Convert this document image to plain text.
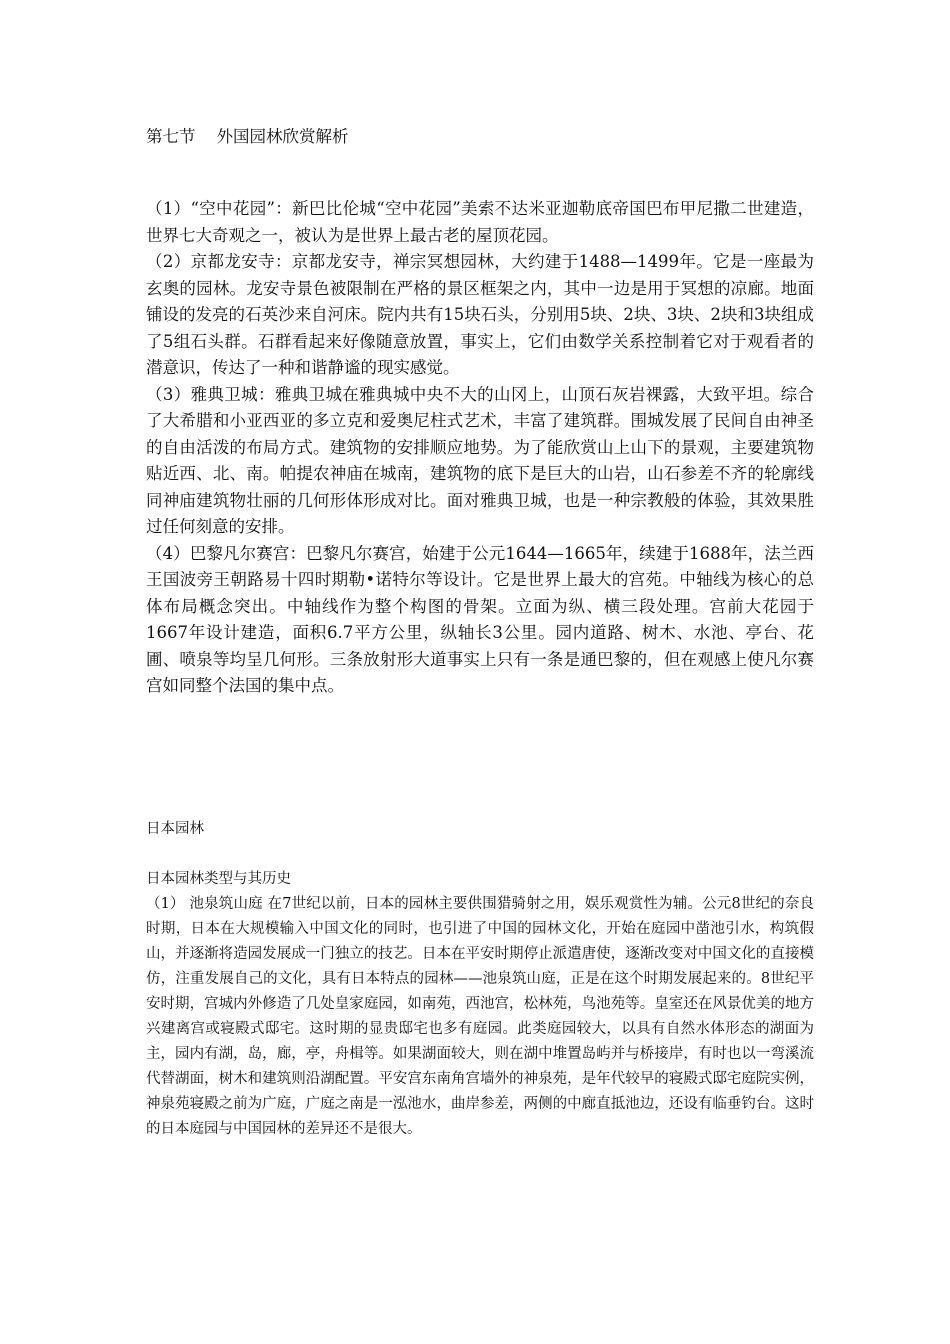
第七节    外国园林欣赏解析

（1）“空中花园”：新巴比伦城“空中花园”美索不达米亚迦勒底帝国巴布甲尼撒二世建造，世界七大奇观之一，被认为是世界上最古老的屋顶花园。

（2）京都龙安寺：京都龙安寺，禅宗冥想园林，大约建于1488—1499年。它是一座最为玄奥的园林。龙安寺景色被限制在严格的景区框架之内，其中一边是用于冥想的凉廊。地面铺设的发亮的石英沙来自河床。院内共有15块石头，分别用5块、2块、3块、2块和3块组成了5组石头群。石群看起来好像随意放置，事实上，它们由数学关系控制着它对于观看者的潜意识，传达了一种和谐静谧的现实感觉。

（3）雅典卫城：雅典卫城在雅典城中央不大的山冈上，山顶石灰岩裸露，大致平坦。综合了大希腊和小亚西亚的多立克和爱奥尼柱式艺术，丰富了建筑群。围城发展了民间自由神圣的自由活泼的布局方式。建筑物的安排顺应地势。为了能欣赏山上山下的景观，主要建筑物贴近西、北、南。帕提农神庙在城南，建筑物的底下是巨大的山岩，山石参差不齐的轮廓线同神庙建筑物壮丽的几何形体形成对比。面对雅典卫城，也是一种宗教般的体验，其效果胜过任何刻意的安排。

（4）巴黎凡尔赛宫：巴黎凡尔赛宫，始建于公元1644—1665年，续建于1688年，法兰西王国波旁王朝路易十四时期勒•诺特尔等设计。它是世界上最大的宫苑。中轴线为核心的总体布局概念突出。中轴线作为整个构图的骨架。立面为纵、横三段处理。宫前大花园于1667年设计建造，面积6.7平方公里，纵轴长3公里。园内道路、树木、水池、亭台、花圃、喷泉等均呈几何形。三条放射形大道事实上只有一条是通巴黎的，但在观感上使凡尔赛宫如同整个法国的集中点。

日本园林
日本园林类型与其历史

（1） 池泉筑山庭 在7世纪以前，日本的园林主要供围猎骑射之用，娱乐观赏性为辅。公元8世纪的奈良时期，日本在大规模输入中国文化的同时，也引进了中国的园林文化，开始在庭园中凿池引水，构筑假山，并逐渐将造园发展成一门独立的技艺。日本在平安时期停止派遣唐使，逐渐改变对中国文化的直接模仿，注重发展自己的文化，具有日本特点的园林——池泉筑山庭，正是在这个时期发展起来的。8世纪平安时期，宫城内外修造了几处皇家庭园，如南苑，西池宫，松林苑，鸟池苑等。皇室还在风景优美的地方兴建离宫或寝殿式邸宅。这时期的显贵邸宅也多有庭园。此类庭园较大，以具有自然水体形态的湖面为主，园内有湖，岛，廊，亭，舟楫等。如果湖面较大，则在湖中堆置岛屿并与桥接岸，有时也以一弯溪流代替湖面，树木和建筑则沿湖配置。平安宫东南角宫墙外的神泉苑，是年代较早的寝殿式邸宅庭院实例，神泉苑寝殿之前为广庭，广庭之南是一泓池水，曲岸参差，两侧的中廊直抵池边，还设有临垂钓台。这时的日本庭园与中国园林的差异还不是很大。
